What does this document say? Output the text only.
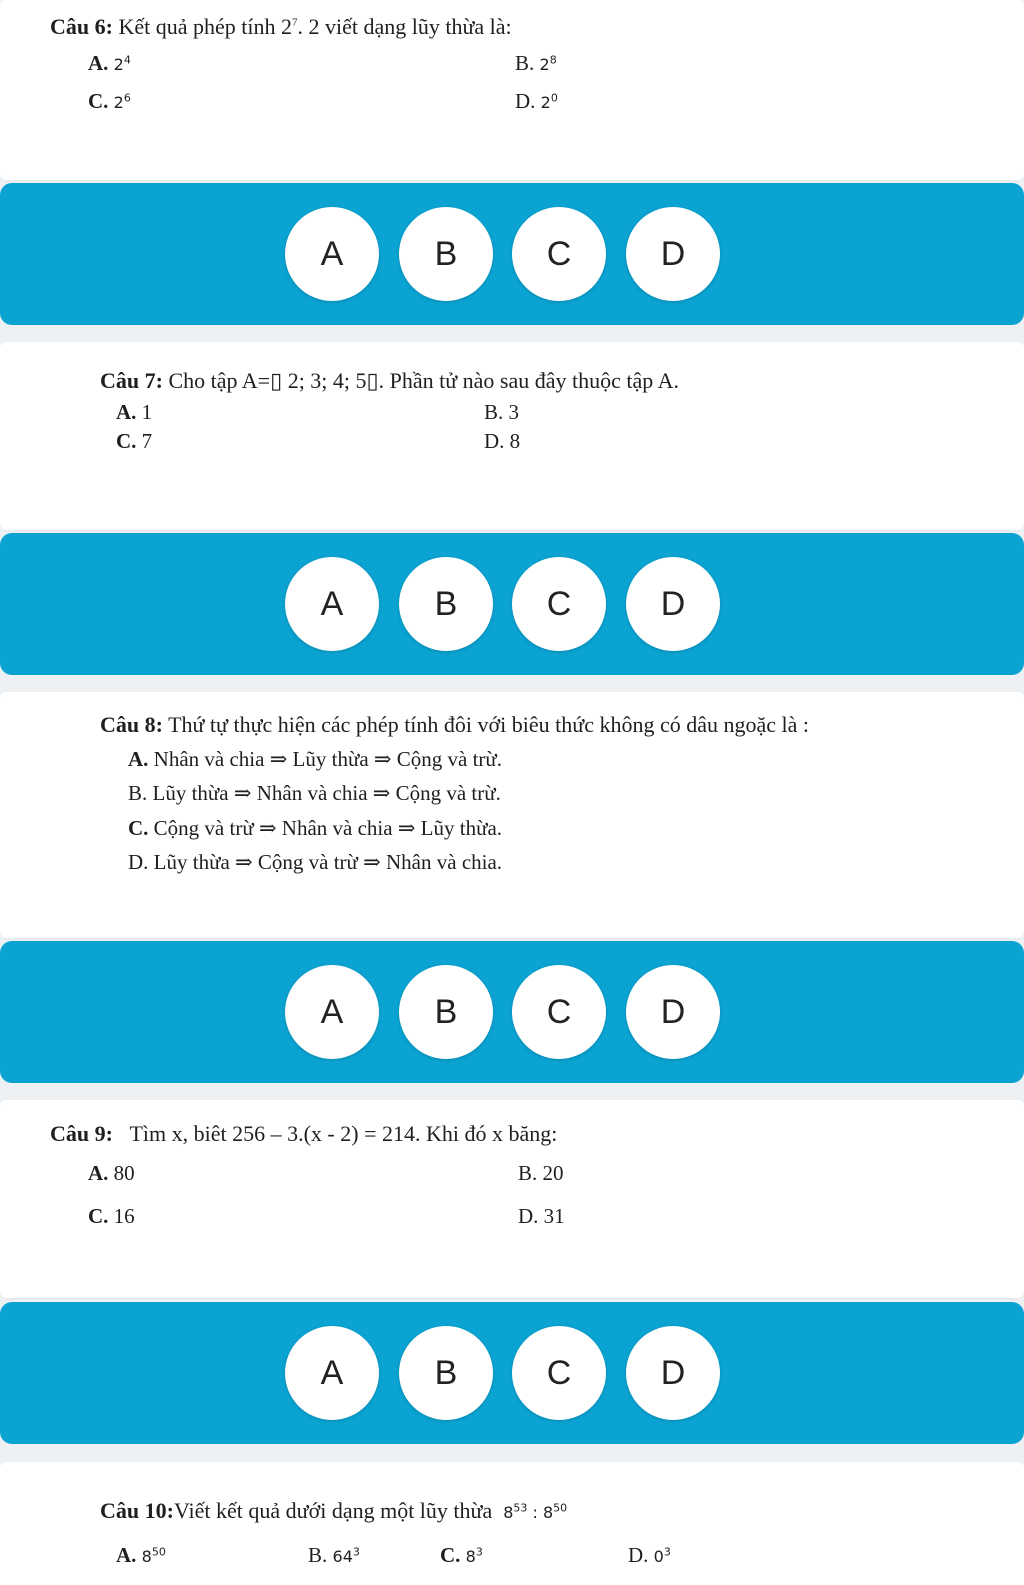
Câu 6: Kết quả phép tính $2^7$. 2 viết dạng lũy thừa là:
A. $2^4$	B. $2^8$
C. $2^6$	D. $2^0$
A	B	C	D
Câu 7: Cho tập A=▯ 2; 3; 4; 5▯. Phần tử nào sau đây thuộc tập A.
A. 1	B. 3
C. 7	D. 8
A	B	C	D
Câu 8: Thứ tự thực hiện các phép tính đôi với biêu thức không có dâu ngoặc là :
A. Nhân và chia ⇒ Lũy thừa ⇒ Cộng và trừ.
B. Lũy thừa ⇒ Nhân và chia ⇒ Cộng và trừ.
C. Cộng và trừ ⇒ Nhân và chia ⇒ Lũy thừa.
D. Lũy thừa ⇒ Cộng và trừ ⇒ Nhân và chia.
A	B	C	D
Câu 9: Tìm x, biêt 256 – 3.(x - 2) = 214. Khi đó x băng:
A. 80	B. 20
C. 16	D. 31
A	B	C	D
Câu 10:Viết kết quả dưới dạng một lũy thừa $8^{53}$ : $8^{50}$
A. $8^{50}$	B. $64^3$	C. $8^3$	D. $0^3$
